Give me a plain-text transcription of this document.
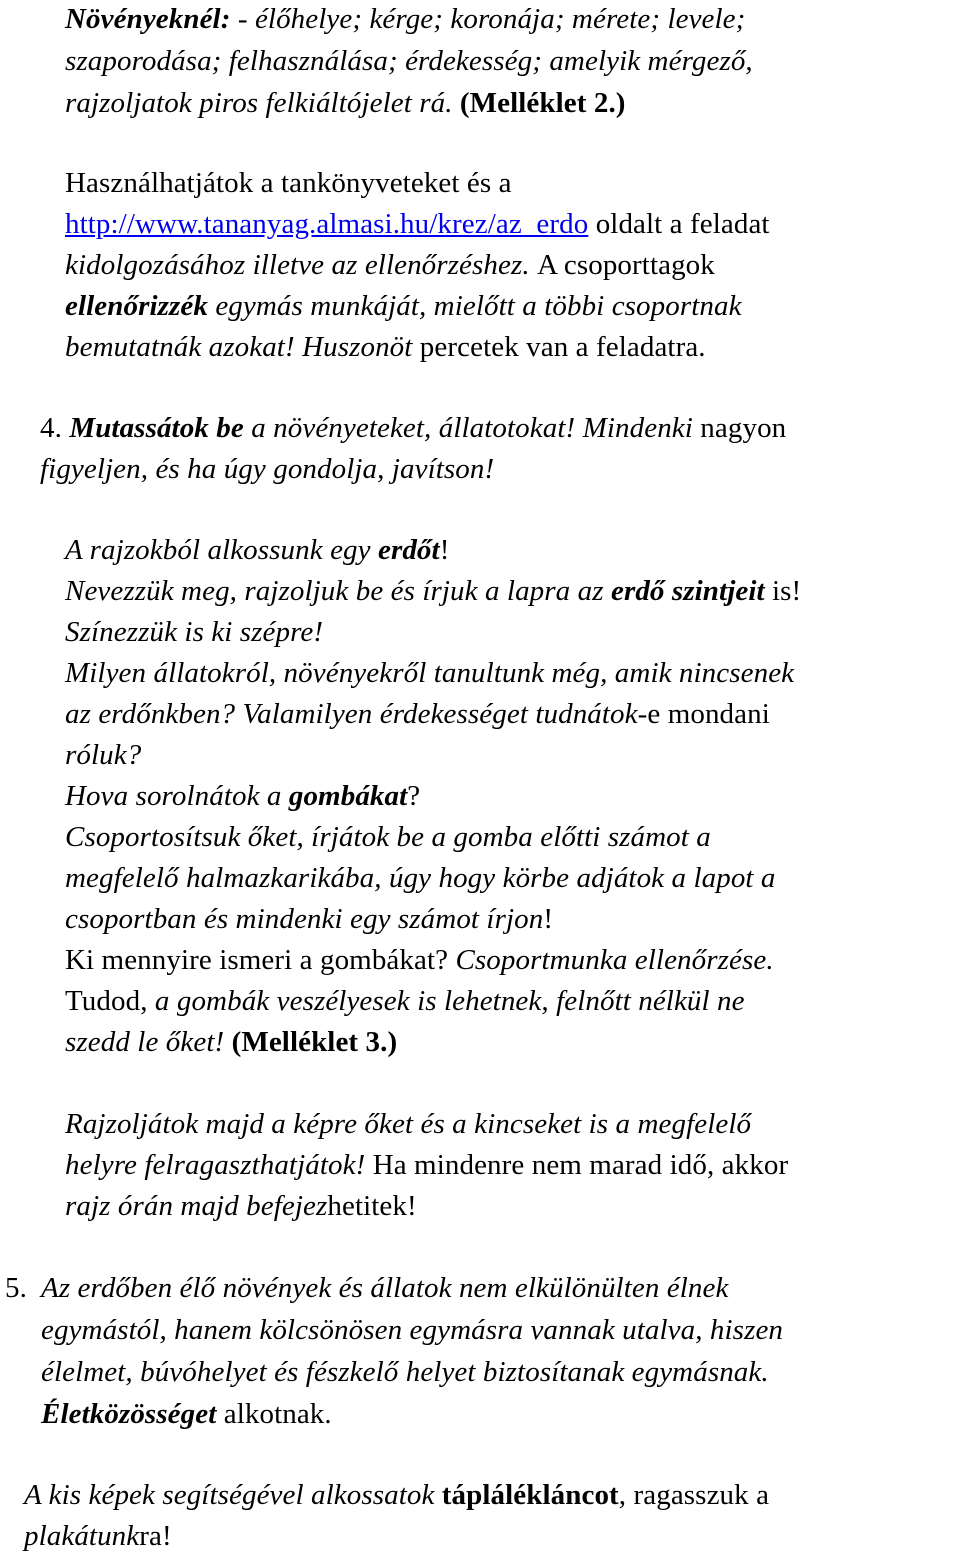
Növényeknél: - élőhelye; kérge; koronája; mérete; levele;
szaporodása; felhasználása; érdekesség; amelyik mérgező,
rajzoljatok piros felkiáltójelet rá. (Melléklet 2.)
Használhatjátok a tankönyveteket és a
http://www.tananyag.almasi.hu/krez/az_erdo oldalt a feladat
kidolgozásához illetve az ellenőrzéshez. A csoporttagok
ellenőrizzék egymás munkáját, mielőtt a többi csoportnak
bemutatnák azokat! Huszonöt percetek van a feladatra.
4. Mutassátok be a növényeteket, állatotokat! Mindenki nagyon
figyeljen, és ha úgy gondolja, javítson!
A rajzokból alkossunk egy erdőt!
Nevezzük meg, rajzoljuk be és írjuk a lapra az erdő szintjeit is!
Színezzük is ki szépre!
Milyen állatokról, növényekről tanultunk még, amik nincsenek
az erdőnkben? Valamilyen érdekességet tudnátok-e mondani
róluk?
Hova sorolnátok a gombákat?
Csoportosítsuk őket, írjátok be a gomba előtti számot a
megfelelő halmazkarikába, úgy hogy körbe adjátok a lapot a
csoportban és mindenki egy számot írjon!
Ki mennyire ismeri a gombákat? Csoportmunka ellenőrzése.
Tudod, a gombák veszélyesek is lehetnek, felnőtt nélkül ne
szedd le őket! (Melléklet 3.)
Rajzoljátok majd a képre őket és a kincseket is a megfelelő
helyre felragaszthatjátok! Ha mindenre nem marad idő, akkor
rajz órán majd befejezhetitek!
5.Az erdőben élő növények és állatok nem elkülönülten élnek
egymástól, hanem kölcsönösen egymásra vannak utalva, hiszen
élelmet, búvóhelyet és fészkelő helyet biztosítanak egymásnak.
Életközösséget alkotnak.
A kis képek segítségével alkossatok táplálékláncot, ragasszuk a
plakátunkra!
